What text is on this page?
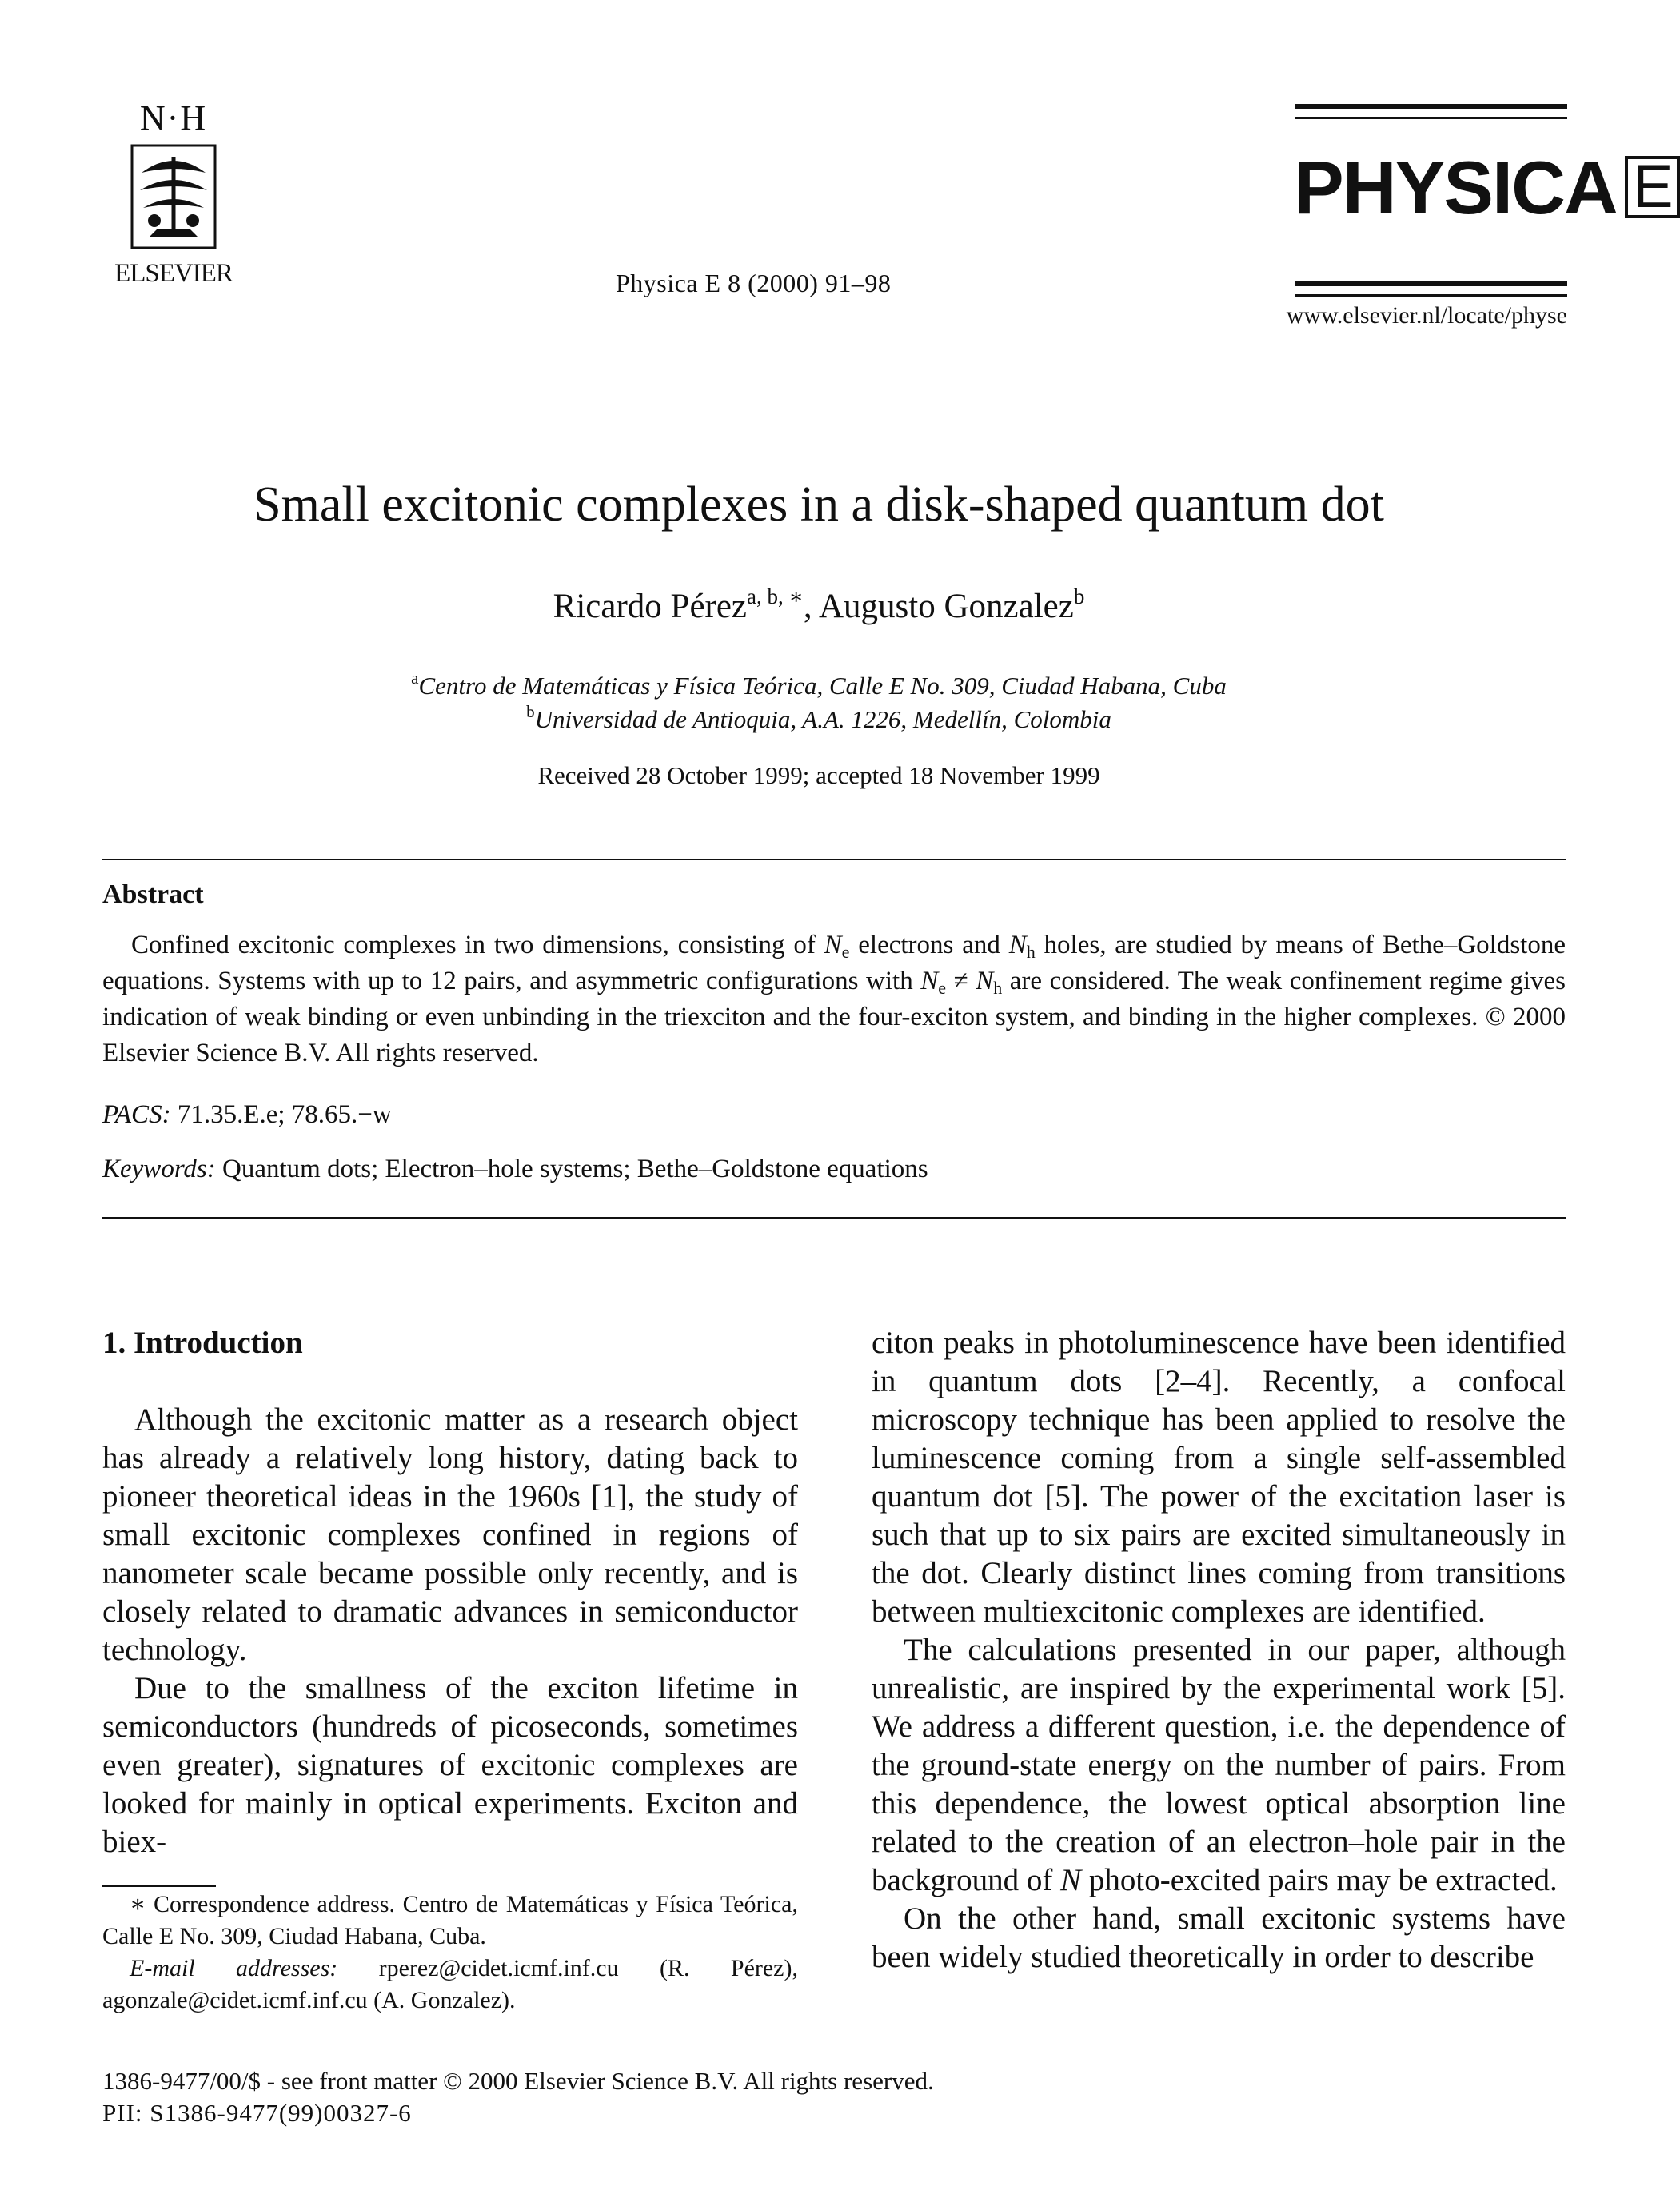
N·H
ELSEVIER	Physica E 8 (2000) 91–98
PHYSICA E
www.elsevier.nl/locate/physe
Small excitonic complexes in a disk-shaped quantum dot
Ricardo Pérez$^{a, b, ∗}$, Augusto Gonzalez$^b$
$^a$Centro de Matemáticas y Física Teórica, Calle E No. 309, Ciudad Habana, Cuba
$^b$Universidad de Antioquia, A.A. 1226, Medellín, Colombia
Received 28 October 1999; accepted 18 November 1999
Abstract
Confined excitonic complexes in two dimensions, consisting of $N_e$ electrons and $N_h$ holes, are studied by means of Bethe–Goldstone equations. Systems with up to 12 pairs, and asymmetric configurations with $N_e \ne N_h$ are considered. The weak confinement regime gives indication of weak binding or even unbinding in the triexciton and the four-exciton system, and binding in the higher complexes. © 2000 Elsevier Science B.V. All rights reserved.
PACS: 71.35.E.e; 78.65.−w
Keywords: Quantum dots; Electron–hole systems; Bethe–Goldstone equations
1. Introduction

Although the excitonic matter as a research object has already a relatively long history, dating back to pioneer theoretical ideas in the 1960s [1], the study of small excitonic complexes confined in regions of nanometer scale became possible only recently, and is closely related to dramatic advances in semiconductor technology.

Due to the smallness of the exciton lifetime in semiconductors (hundreds of picoseconds, sometimes even greater), signatures of excitonic complexes are looked for mainly in optical experiments. Exciton and biex-

citon peaks in photoluminescence have been identified in quantum dots [2–4]. Recently, a confocal microscopy technique has been applied to resolve the luminescence coming from a single self-assembled quantum dot [5]. The power of the excitation laser is such that up to six pairs are excited simultaneously in the dot. Clearly distinct lines coming from transitions between multiexcitonic complexes are identified.

The calculations presented in our paper, although unrealistic, are inspired by the experimental work [5]. We address a different question, i.e. the dependence of the ground-state energy on the number of pairs. From this dependence, the lowest optical absorption line related to the creation of an electron–hole pair in the background of N photo-excited pairs may be extracted.

On the other hand, small excitonic systems have been widely studied theoretically in order to describe

∗ Correspondence address. Centro de Matemáticas y Física Teórica, Calle E No. 309, Ciudad Habana, Cuba.

E-mail addresses: rperez@cidet.icmf.inf.cu (R. Pérez), agonzale@cidet.icmf.inf.cu (A. Gonzalez).

1386-9477/00/$ - see front matter © 2000 Elsevier Science B.V. All rights reserved.
PII: S1386-9477(99)00327-6
